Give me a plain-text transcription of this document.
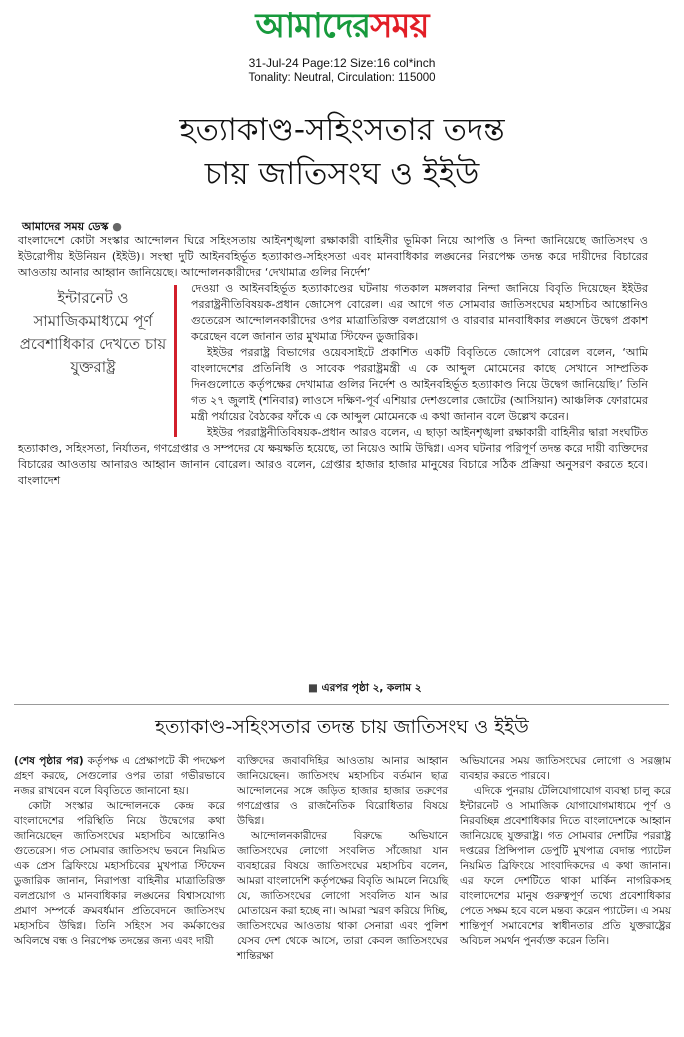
আমাদেরসময়
31-Jul-24 Page:12 Size:16 col*inch
Tonality: Neutral, Circulation: 115000
হত্যাকাণ্ড-সহিংসতার তদন্ত
চায় জাতিসংঘ ও ইইউ
আমাদের সময় ডেস্ক ●

বাংলাদেশে কোটা সংস্কার আন্দোলন ঘিরে সহিংসতায় আইনশৃঙ্খলা রক্ষাকারী বাহিনীর ভূমিকা নিয়ে আপত্তি ও নিন্দা জানিয়েছে জাতিসংঘ ও ইউরোপীয় ইউনিয়ন (ইইউ)। সংস্থা দুটি আইনবহির্ভূত হত্যাকাণ্ড-সহিংসতা এবং মানবাধিকার লঙ্ঘনের নিরপেক্ষ তদন্ত করে দায়ীদের বিচারের আওতায় আনার আহ্বান জানিয়েছে। আন্দোলনকারীদের ‘দেখামাত্র গুলির নির্দেশ’

ইন্টারনেট ও সামাজিকমাধ্যমে পূর্ণ প্রবেশাধিকার দেখতে চায় যুক্তরাষ্ট্র

দেওয়া ও আইনবহির্ভূত হত্যাকাণ্ডের ঘটনায় গতকাল মঙ্গলবার নিন্দা জানিয়ে বিবৃতি দিয়েছেন ইইউর পররাষ্ট্রনীতিবিষয়ক-প্রধান জোসেপ বোরেল। এর আগে গত সোমবার জাতিসংঘের মহাসচিব আন্তোনিও গুতেরেস আন্দোলনকারীদের ওপর মাত্রাতিরিক্ত বলপ্রয়োগ ও বারবার মানবাধিকার লঙ্ঘনে উদ্বেগ প্রকাশ করেছেন বলে জানান তার মুখমাত্র স্টিফেন ডুজারিক।

ইইউর পররাষ্ট্র বিভাগের ওয়েবসাইটে প্রকাশিত একটি বিবৃতিতে জোসেপ বোরেল বলেন, ‘আমি বাংলাদেশের প্রতিনিধি ও সাবেক পররাষ্ট্রমন্ত্রী এ কে আব্দুল মোমেনের কাছে সেখানে সাম্প্রতিক দিনগুলোতে কর্তৃপক্ষের দেখামাত্র গুলির নির্দেশ ও আইনবহির্ভূত হত্যাকাণ্ড নিয়ে উদ্বেগ জানিয়েছি।’ তিনি গত ২৭ জুলাই (শনিবার) লাওসে দক্ষিণ-পূর্ব এশিয়ার দেশগুলোর জোটের (আসিয়ান) আঞ্চলিক ফোরামের মন্ত্রী পর্যায়ের বৈঠকের ফাঁকে এ কে আব্দুল মোমেনকে এ কথা জানান বলে উল্লেখ করেন।

ইইউর পররাষ্ট্রনীতিবিষয়ক-প্রধান আরও বলেন, এ ছাড়া আইনশৃঙ্খলা রক্ষাকারী বাহিনীর দ্বারা সংঘটিত হত্যাকাণ্ড, সহিংসতা, নির্যাতন, গণগ্রেপ্তার ও সম্পদের যে ক্ষয়ক্ষতি হয়েছে, তা নিয়েও আমি উদ্বিগ্ন। এসব ঘটনার পরিপূর্ণ তদন্ত করে দায়ী ব্যক্তিদের বিচারের আওতায় আনারও আহ্বান জানান বোরেল। আরও বলেন, গ্রেপ্তার হাজার হাজার মানুষের বিচারে সঠিক প্রক্রিয়া অনুসরণ করতে হবে। বাংলাদেশ

■ এরপর পৃষ্ঠা ২, কলাম ২
হত্যাকাণ্ড-সহিংসতার তদন্ত চায় জাতিসংঘ ও ইইউ

(শেষ পৃষ্ঠার পর) কর্তৃপক্ষ এ প্রেক্ষাপটে কী পদক্ষেপ গ্রহণ করছে, সেগুলোর ওপর তারা গভীরভাবে নজর রাখবেন বলে বিবৃতিতে জানানো হয়।

কোটা সংস্কার আন্দোলনকে কেন্দ্র করে বাংলাদেশের পরিস্থিতি নিয়ে উদ্বেগের কথা জানিয়েছেন জাতিসংঘের মহাসচিব আন্তোনিও গুতেরেস। গত সোমবার জাতিসংঘ ভবনে নিয়মিত এক প্রেস ব্রিফিংয়ে মহাসচিবের মুখপাত্র স্টিফেন ডুজারিক জানান, নিরাপত্তা বাহিনীর মাত্রাতিরিক্ত বলপ্রয়োগ ও মানবাধিকার লঙ্ঘনের বিশ্বাসযোগ্য প্রমাণ সম্পর্কে ক্রমবর্ধমান প্রতিবেদনে জাতিসংঘ মহাসচিব উদ্বিগ্ন। তিনি সহিংস সব কর্মকাণ্ডের অবিলম্বে বন্ধ ও নিরপেক্ষ তদন্তের জন্য এবং দায়ী

ব্যক্তিদের জবাবদিহির আওতায় আনার আহ্বান জানিয়েছেন। জাতিসংঘ মহাসচিব বর্তমান ছাত্র আন্দোলনের সঙ্গে জড়িত হাজার হাজার তরুণের গণগ্রেপ্তার ও রাজনৈতিক বিরোধিতার বিষয়ে উদ্বিগ্ন।

আন্দোলনকারীদের বিরুদ্ধে অভিযানে জাতিসংঘের লোগো সংবলিত সাঁজোয়া যান ব্যবহারের বিষয়ে জাতিসংঘের মহাসচিব বলেন, আমরা বাংলাদেশি কর্তৃপক্ষের বিবৃতি আমলে নিয়েছি যে, জাতিসংঘের লোগো সংবলিত যান আর মোতায়েন করা হচ্ছে না। আমরা স্মরণ করিয়ে দিচ্ছি, জাতিসংঘের আওতায় থাকা সেনারা এবং পুলিশ যেসব দেশ থেকে আসে, তারা কেবল জাতিসংঘের শান্তিরক্ষা

অভিযানের সময় জাতিসংঘের লোগো ও সরঞ্জাম ব্যবহার করতে পারবে।

এদিকে পুনরায় টেলিযোগাযোগ ব্যবস্থা চালু করে ইন্টারনেট ও সামাজিক যোগাযোগমাধ্যমে পূর্ণ ও নিরবচ্ছিন্ন প্রবেশাধিকার দিতে বাংলাদেশকে আহ্বান জানিয়েছে যুক্তরাষ্ট্র। গত সোমবার দেশটির পররাষ্ট্র দপ্তরের প্রিন্সিপাল ডেপুটি মুখপাত্র বেদান্ত প্যাটেল নিয়মিত ব্রিফিংয়ে সাংবাদিকদের এ কথা জানান। এর ফলে দেশটিতে থাকা মার্কিন নাগরিকসহ বাংলাদেশের মানুষ গুরুত্বপূর্ণ তথ্যে প্রবেশাধিকার পেতে সক্ষম হবে বলে মন্তব্য করেন প্যাটেল। এ সময় শান্তিপূর্ণ সমাবেশের স্বাধীনতার প্রতি যুক্তরাষ্ট্রের অবিচল সমর্থন পুনর্ব্যক্ত করেন তিনি।
